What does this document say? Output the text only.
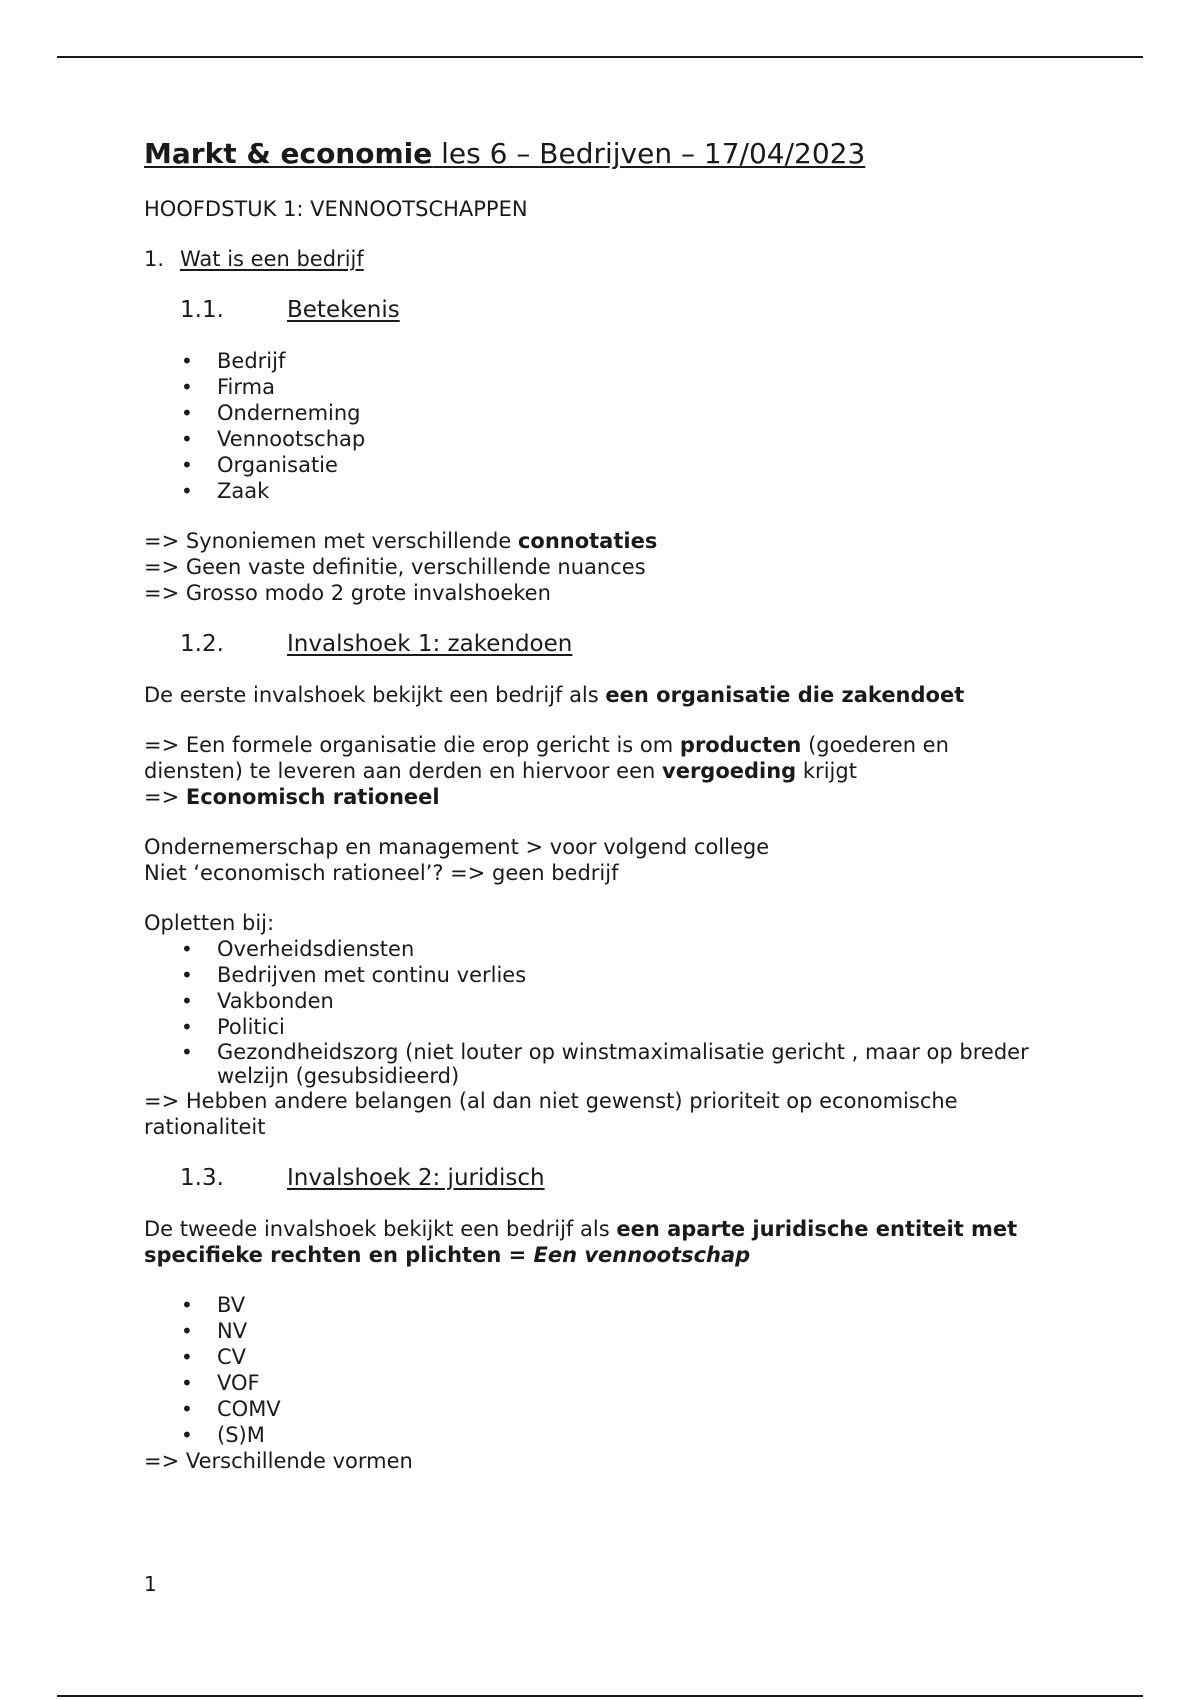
Markt & economie les 6 – Bedrijven – 17/04/2023
HOOFDSTUK 1: VENNOOTSCHAPPEN
1. Wat is een bedrijf
1.1.	Betekenis
• Bedrijf
• Firma
• Onderneming
• Vennootschap
• Organisatie
• Zaak

=> Synoniemen met verschillende connotaties

=> Geen vaste definitie, verschillende nuances

=> Grosso modo 2 grote invalshoeken

1.2.	Invalshoek 1: zakendoen

De eerste invalshoek bekijkt een bedrijf als een organisatie die zakendoet

=> Een formele organisatie die erop gericht is om producten (goederen en diensten) te leveren aan derden en hiervoor een vergoeding krijgt

=> Economisch rationeel

Ondernemerschap en management > voor volgend college

Niet ‘economisch rationeel’? => geen bedrijf

Opletten bij:

• Overheidsdiensten
• Bedrijven met continu verlies
• Vakbonden
• Politici
• Gezondheidszorg (niet louter op winstmaximalisatie gericht , maar op breder welzijn (gesubsidieerd)

=> Hebben andere belangen (al dan niet gewenst) prioriteit op economische rationaliteit

1.3.	Invalshoek 2: juridisch

De tweede invalshoek bekijkt een bedrijf als een aparte juridische entiteit met specifieke rechten en plichten = Een vennootschap

• BV
• NV
• CV
• VOF
• COMV
• (S)M

=> Verschillende vormen

1
